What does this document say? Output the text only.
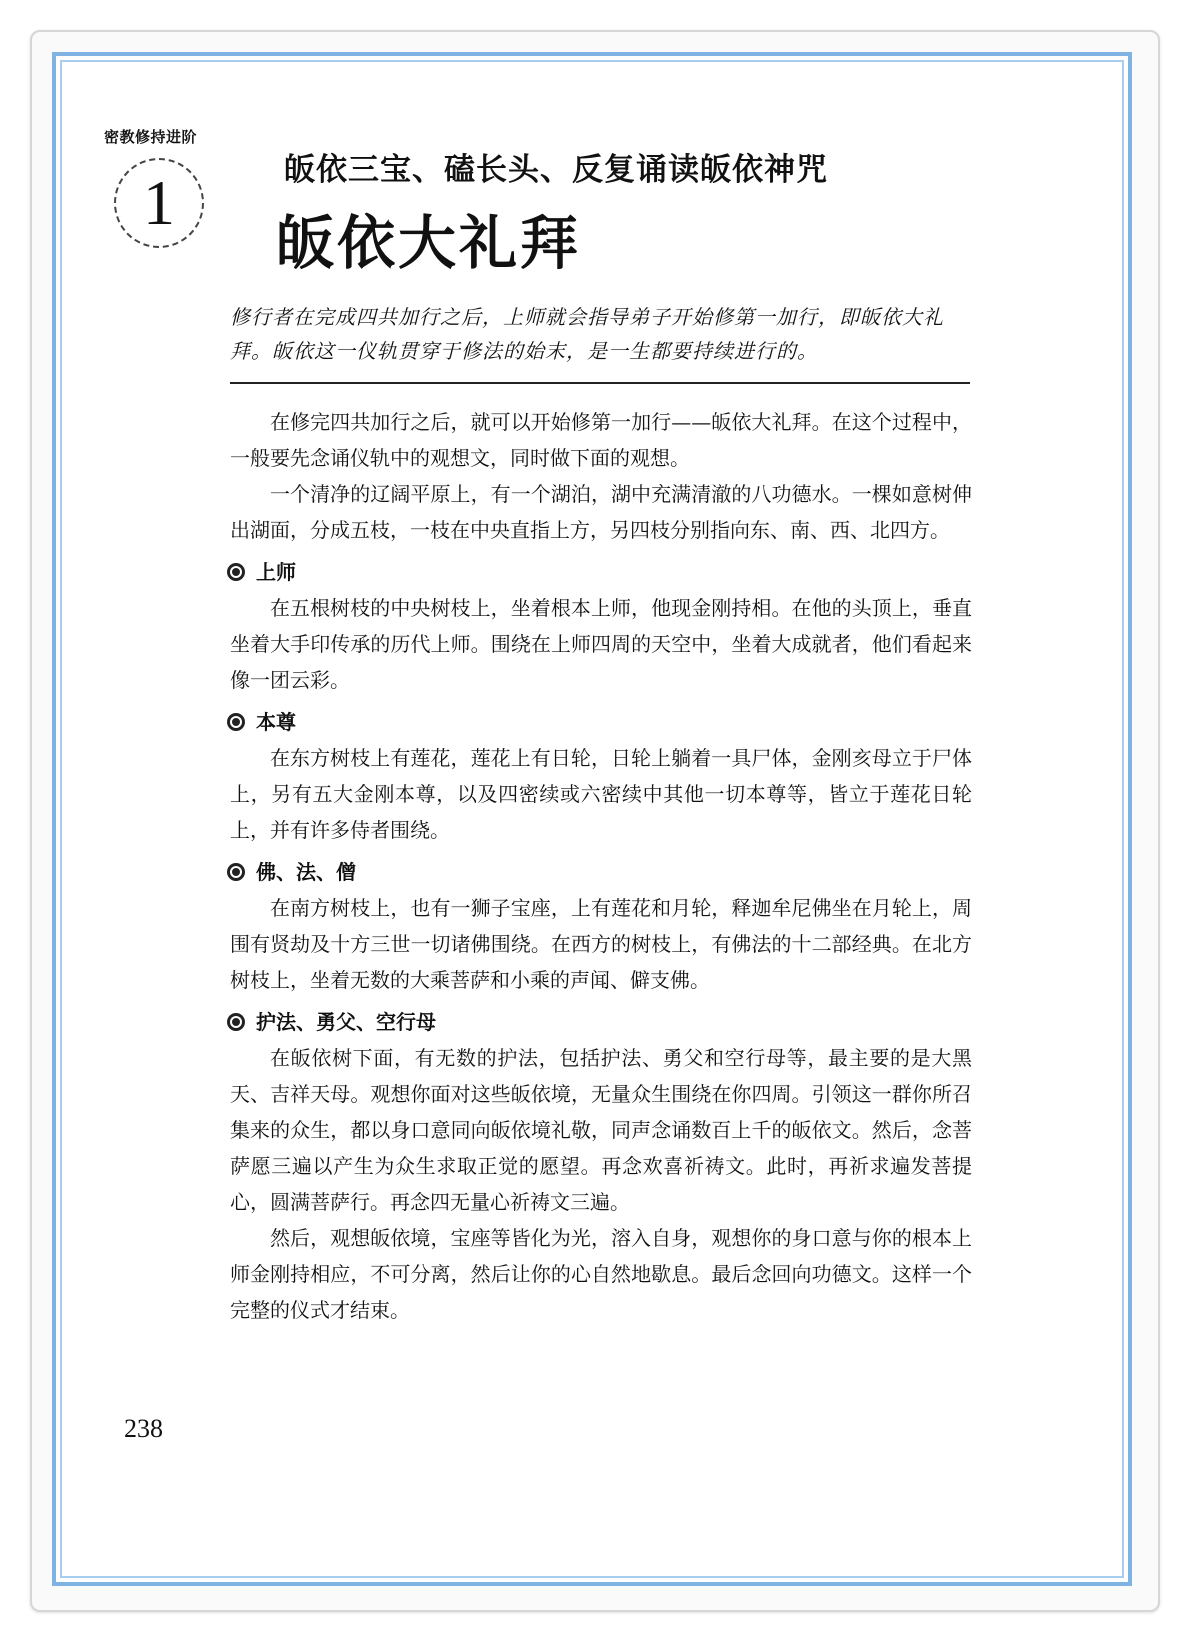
密教修持进阶
1	皈依三宝、磕长头、反复诵读皈依神咒
皈依大礼拜
修行者在完成四共加行之后，上师就会指导弟子开始修第一加行，即皈依大礼拜。皈依这一仪轨贯穿于修法的始末，是一生都要持续进行的。

在修完四共加行之后，就可以开始修第一加行——皈依大礼拜。在这个过程中，一般要先念诵仪轨中的观想文，同时做下面的观想。

一个清净的辽阔平原上，有一个湖泊，湖中充满清澈的八功德水。一棵如意树伸出湖面，分成五枝，一枝在中央直指上方，另四枝分别指向东、南、西、北四方。

上师

在五根树枝的中央树枝上，坐着根本上师，他现金刚持相。在他的头顶上，垂直坐着大手印传承的历代上师。围绕在上师四周的天空中，坐着大成就者，他们看起来像一团云彩。

本尊

在东方树枝上有莲花，莲花上有日轮，日轮上躺着一具尸体，金刚亥母立于尸体上，另有五大金刚本尊，以及四密续或六密续中其他一切本尊等，皆立于莲花日轮上，并有许多侍者围绕。

佛、法、僧

在南方树枝上，也有一狮子宝座，上有莲花和月轮，释迦牟尼佛坐在月轮上，周围有贤劫及十方三世一切诸佛围绕。在西方的树枝上，有佛法的十二部经典。在北方树枝上，坐着无数的大乘菩萨和小乘的声闻、僻支佛。

护法、勇父、空行母

在皈依树下面，有无数的护法，包括护法、勇父和空行母等，最主要的是大黑天、吉祥天母。观想你面对这些皈依境，无量众生围绕在你四周。引领这一群你所召集来的众生，都以身口意同向皈依境礼敬，同声念诵数百上千的皈依文。然后，念菩萨愿三遍以产生为众生求取正觉的愿望。再念欢喜祈祷文。此时，再祈求遍发菩提心，圆满菩萨行。再念四无量心祈祷文三遍。

然后，观想皈依境，宝座等皆化为光，溶入自身，观想你的身口意与你的根本上师金刚持相应，不可分离，然后让你的心自然地歇息。最后念回向功德文。这样一个完整的仪式才结束。

238
